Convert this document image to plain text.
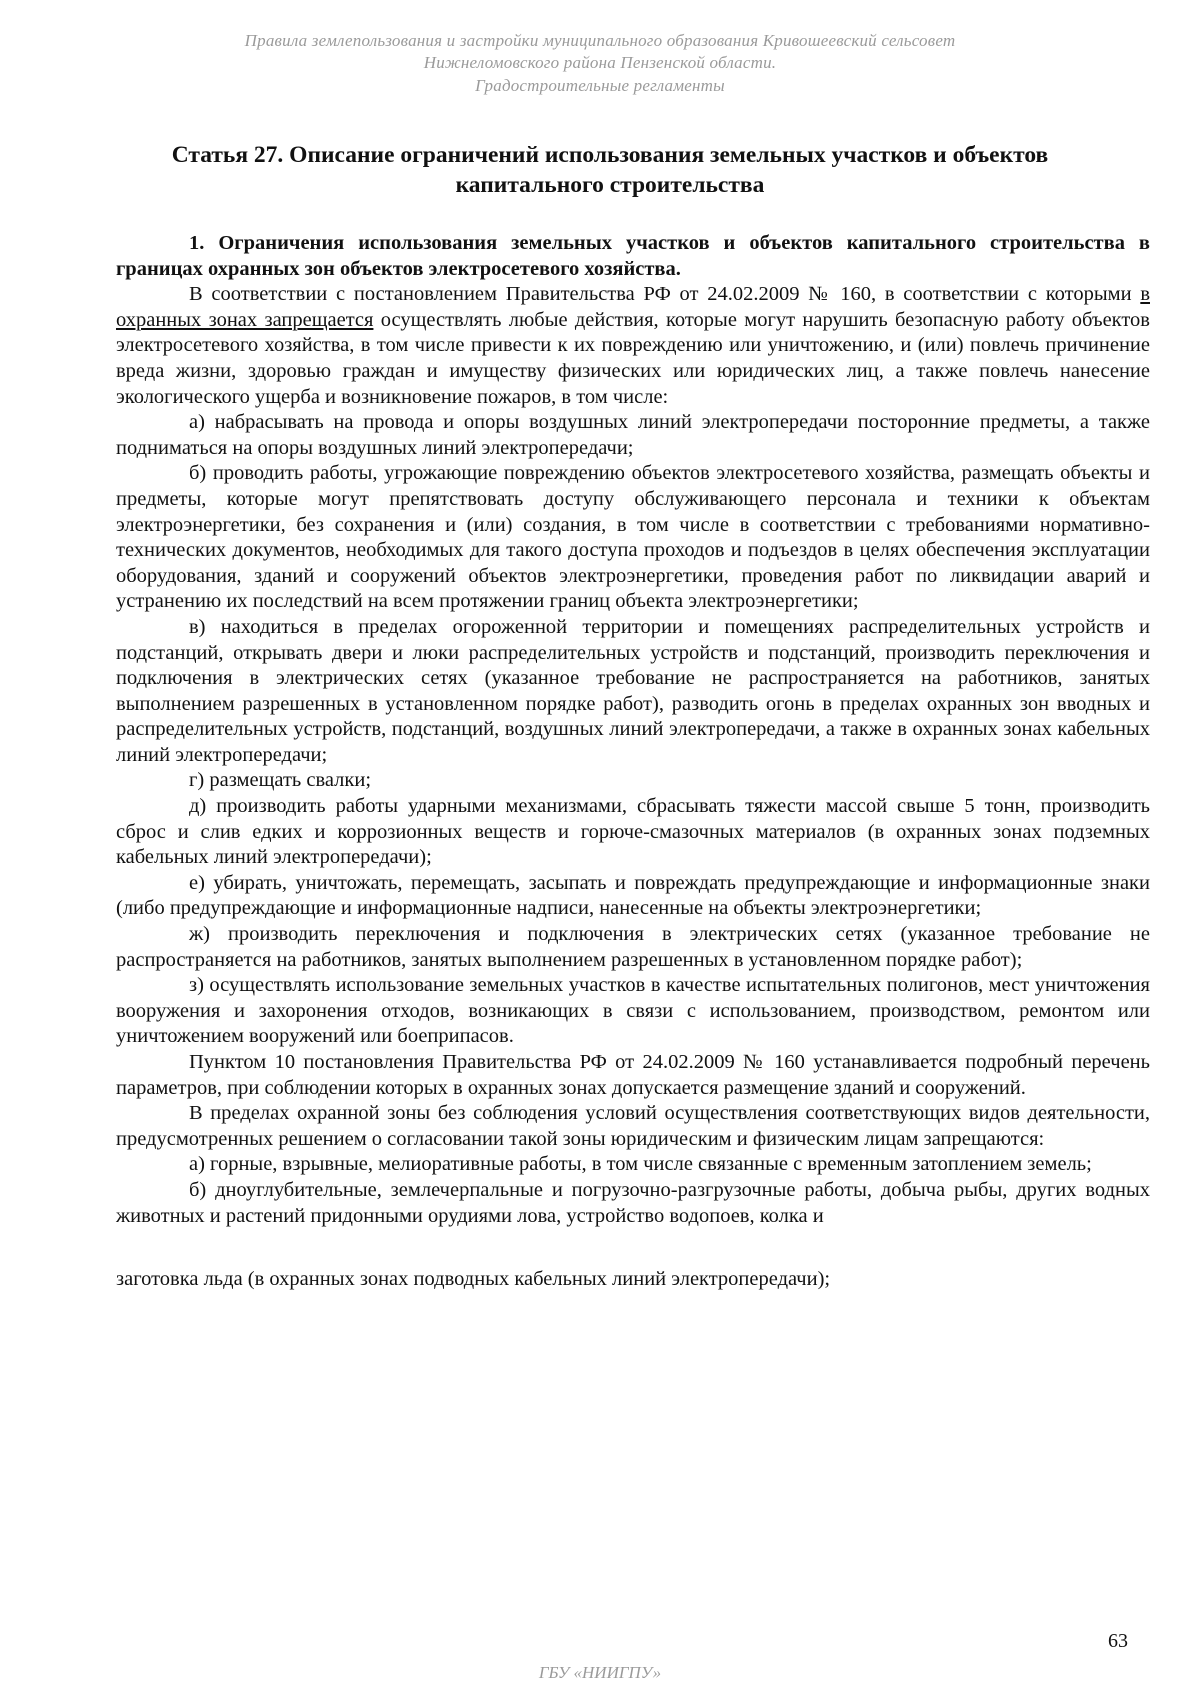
Правила землепользования и застройки муниципального образования Кривошеевский сельсовет
Нижнеломовского района Пензенской области.
Градостроительные регламенты
Статья 27. Описание ограничений использования земельных участков и объектов капитального строительства

1. Ограничения использования земельных участков и объектов капитального строительства в границах охранных зон объектов электросетевого хозяйства.

В соответствии с постановлением Правительства РФ от 24.02.2009 № 160, в соответствии с которыми в охранных зонах запрещается осуществлять любые действия, которые могут нарушить безопасную работу объектов электросетевого хозяйства, в том числе привести к их повреждению или уничтожению, и (или) повлечь причинение вреда жизни, здоровью граждан и имуществу физических или юридических лиц, а также повлечь нанесение экологического ущерба и возникновение пожаров, в том числе:

а) набрасывать на провода и опоры воздушных линий электропередачи посторонние предметы, а также подниматься на опоры воздушных линий электропередачи;

б) проводить работы, угрожающие повреждению объектов электросетевого хозяйства, размещать объекты и предметы, которые могут препятствовать доступу обслуживающего персонала и техники к объектам электроэнергетики, без сохранения и (или) создания, в том числе в соответствии с требованиями нормативно-технических документов, необходимых для такого доступа проходов и подъездов в целях обеспечения эксплуатации оборудования, зданий и сооружений объектов электроэнергетики, проведения работ по ликвидации аварий и устранению их последствий на всем протяжении границ объекта электроэнергетики;

в) находиться в пределах огороженной территории и помещениях распределительных устройств и подстанций, открывать двери и люки распределительных устройств и подстанций, производить переключения и подключения в электрических сетях (указанное требование не распространяется на работников, занятых выполнением разрешенных в установленном порядке работ), разводить огонь в пределах охранных зон вводных и распределительных устройств, подстанций, воздушных линий электропередачи, а также в охранных зонах кабельных линий электропередачи;

г) размещать свалки;

д) производить работы ударными механизмами, сбрасывать тяжести массой свыше 5 тонн, производить сброс и слив едких и коррозионных веществ и горюче-смазочных материалов (в охранных зонах подземных кабельных линий электропередачи);

е) убирать, уничтожать, перемещать, засыпать и повреждать предупреждающие и информационные знаки (либо предупреждающие и информационные надписи, нанесенные на объекты электроэнергетики;

ж) производить переключения и подключения в электрических сетях (указанное требование не распространяется на работников, занятых выполнением разрешенных в установленном порядке работ);

з) осуществлять использование земельных участков в качестве испытательных полигонов, мест уничтожения вооружения и захоронения отходов, возникающих в связи с использованием, производством, ремонтом или уничтожением вооружений или боеприпасов.

Пунктом 10 постановления Правительства РФ от 24.02.2009 № 160 устанавливается подробный перечень параметров, при соблюдении которых в охранных зонах допускается размещение зданий и сооружений.

В пределах охранной зоны без соблюдения условий осуществления соответствующих видов деятельности, предусмотренных решением о согласовании такой зоны юридическим и физическим лицам запрещаются:

а) горные, взрывные, мелиоративные работы, в том числе связанные с временным затоплением земель;

б) дноуглубительные, землечерпальные и погрузочно-разгрузочные работы, добыча рыбы, других водных животных и растений придонными орудиями лова, устройство водопоев, колка и

заготовка льда (в охранных зонах подводных кабельных линий электропередачи);

63
ГБУ «НИИГПУ»
